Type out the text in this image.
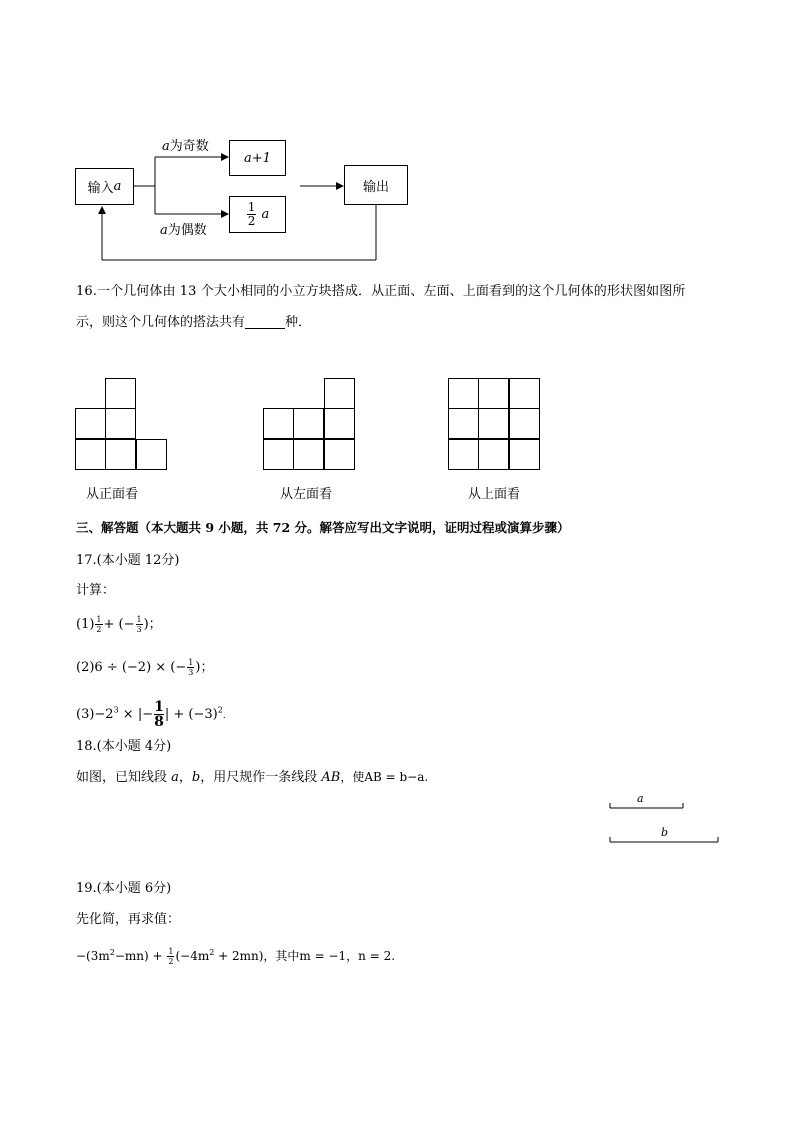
输入 a
a为奇数
a为偶数
a+1
$\frac{1}{2}$
a
输出
16.一个几何体由 13 个大小相同的小立方块搭成．从正面、左面、上面看到的这个几何体的形状图如图所
示，则这个几何体的搭法共有	种．
从正面看	从左面看	从上面看
三、解答题（本大题共 9 小题，共 72 分。解答应写出文字说明，证明过程或演算步骤）
17.(本小题 12分)
计算：
$(1) \frac{1}{2}$ + (− $\frac{1}{3}$ )；
(2)6 ÷ (−2) × (− $\frac{1}{3}$ )；
$(3)-2^3$ × |− $\frac{1}{8}$ | + $(-3)^2$.
18.(本小题 4分)
如图，已知线段 a，b，用尺规作一条线段 AB，使AB = b−a.
a
b
19.(本小题 6分)
先化简，再求值：
$-(3m^2-mn) + \frac{1}{2} (-4m^2 + 2mn)$，其中m = −1，n = 2.
